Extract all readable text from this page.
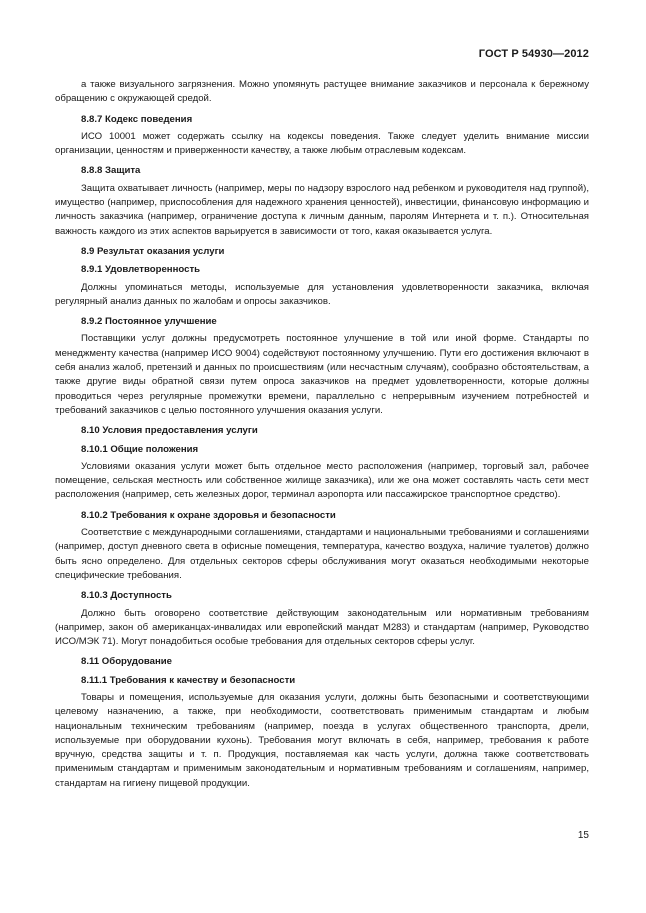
ГОСТ Р 54930—2012

а также визуального загрязнения. Можно упомянуть растущее внимание заказчиков и персонала к бережному обращению с окружающей средой.

8.8.7 Кодекс поведения

ИСО 10001 может содержать ссылку на кодексы поведения. Также следует уделить внимание миссии организации, ценностям и приверженности качеству, а также любым отраслевым кодексам.

8.8.8 Защита

Защита охватывает личность (например, меры по надзору взрослого над ребенком и руководителя над группой), имущество (например, приспособления для надежного хранения ценностей), инвестиции, финансовую информацию и личность заказчика (например, ограничение доступа к личным данным, паролям Интернета и т. п.). Относительная важность каждого из этих аспектов варьируется в зависимости от того, какая оказывается услуга.

8.9 Результат оказания услуги
8.9.1 Удовлетворенность

Должны упоминаться методы, используемые для установления удовлетворенности заказчика, включая регулярный анализ данных по жалобам и опросы заказчиков.

8.9.2 Постоянное улучшение

Поставщики услуг должны предусмотреть постоянное улучшение в той или иной форме. Стандарты по менеджменту качества (например ИСО 9004) содействуют постоянному улучшению. Пути его достижения включают в себя анализ жалоб, претензий и данных по происшествиям (или несчастным случаям), сообразно обстоятельствам, а также другие виды обратной связи путем опроса заказчиков на предмет удовлетворенности, которые должны проводиться через регулярные промежутки времени, параллельно с непрерывным изучением потребностей и требований заказчиков с целью постоянного улучшения оказания услуги.

8.10 Условия предоставления услуги
8.10.1 Общие положения

Условиями оказания услуги может быть отдельное место расположения (например, торговый зал, рабочее помещение, сельская местность или собственное жилище заказчика), или же она может составлять часть сети мест расположения (например, сеть железных дорог, терминал аэропорта или пассажирское транспортное средство).

8.10.2 Требования к охране здоровья и безопасности

Соответствие с международными соглашениями, стандартами и национальными требованиями и соглашениями (например, доступ дневного света в офисные помещения, температура, качество воздуха, наличие туалетов) должно быть ясно определено. Для отдельных секторов сферы обслуживания могут оказаться необходимыми некоторые специфические требования.

8.10.3 Доступность

Должно быть оговорено соответствие действующим законодательным или нормативным требованиям (например, закон об американцах-инвалидах или европейский мандат М283) и стандартам (например, Руководство ИСО/МЭК 71). Могут понадобиться особые требования для отдельных секторов сферы услуг.

8.11 Оборудование
8.11.1 Требования к качеству и безопасности

Товары и помещения, используемые для оказания услуги, должны быть безопасными и соответствующими целевому назначению, а также, при необходимости, соответствовать применимым стандартам и любым национальным техническим требованиям (например, поезда в услугах общественного транспорта, дрели, используемые при оборудовании кухонь). Требования могут включать в себя, например, требования к работе вручную, средства защиты и т. п. Продукция, поставляемая как часть услуги, должна также соответствовать применимым стандартам и применимым законодательным и нормативным требованиям и соглашениям, например, стандартам на гигиену пищевой продукции.

15
